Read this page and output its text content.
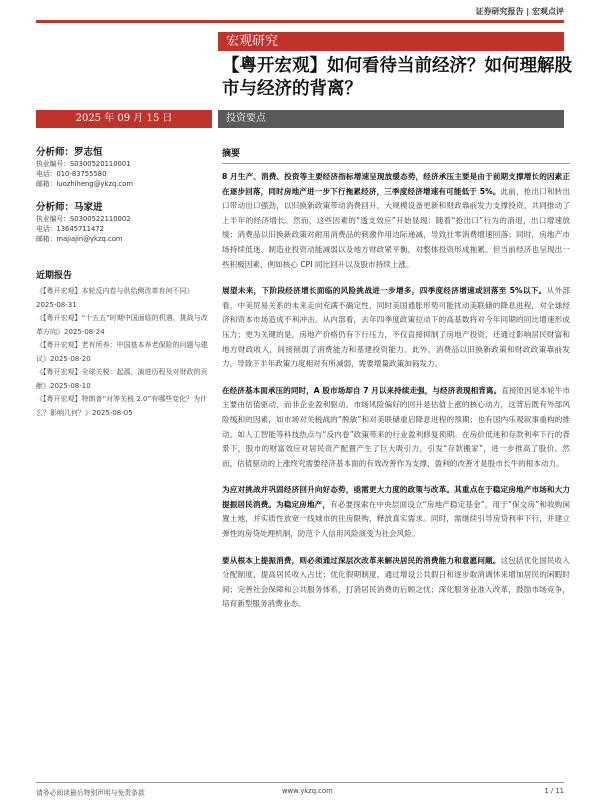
证券研究报告 | 宏观点评
宏观研究
【粤开宏观】如何看待当前经济？如何理解股市与经济的背离？
2025 年 09 月 15 日	投资要点
分析师：罗志恒
执业编号：S0300520110001
电话：010-83755580
邮箱：luozhiheng@ykzq.com
分析师：马家进
执业编号：S0300522110002
电话：13645711472
邮箱：majiajin@ykzq.com
近期报告
《【粤开宏观】本轮反内卷与供给侧改革有何不同》2025-08-31
《【粤开宏观】“十五五”时期中国面临的机遇、挑战与改革方向》2025-08-24
《【粤开宏观】老有所养：中国基本养老保险的问题与建议》2025-08-20
《【粤开宏观】全球关税：起源、演进历程及对财政的贡献》2025-08-10
《【粤开宏观】特朗普“对等关税 2.0”有哪些变化？为什么？影响几何？》2025-08-05
摘要

8 月生产、消费、投资等主要经济指标增速呈现放缓态势，经济承压主要是由于前期支撑增长的因素正在逐步回落，同时房地产进一步下行拖累经济，三季度经济增速有可能低于 5%。此前，抢出口和转出口带动出口强劲，以旧换新政策带动消费回升，大规模设备更新和财政靠前发力支撑投资，共同推动了上半年的经济增长。然而，这些因素的“透支效应”开始显现：随着“抢出口”行为的消退，出口增速放缓；消费品以旧换新政策对耐用消费品的刺激作用边际递减，导致社零消费增速回落；同时，房地产市场持续低迷、制造业投资动能减弱以及地方财政紧平衡，对整体投资形成拖累。但当前经济也呈现出一些积极因素，例如核心 CPI 同比回升以及股市持续上涨。

展望未来，下阶段经济增长面临的风险挑战进一步增多，四季度经济增速或回落至 5%以下。从外部看，中美贸易关系的未来走向充满不确定性，同时美国通胀形势可能扰动美联储的降息进程，对全球经济和资本市场造成不利冲击。从内部看，去年四季度政策拉动下的高基数将对今年同期的同比增速形成压力；更为关键的是，房地产价格仍有下行压力，不仅直接抑制了房地产投资，还通过影响居民财富和地方财政收入，间接削弱了消费能力和基建投资能力。此外，消费品以旧换新政策和财政政策靠前发力，导致下半年政策力度相对有所减弱，需要增量政策加码发力。

在经济基本面承压的同时，A 股市场却自 7 月以来持续走强，与经济表现相背离。直接原因是本轮牛市主要由估值驱动，而非企业盈利驱动。市场风险偏好的回升是估值上涨的核心动力，这背后既有外部风险缓和的因素，如市场对关税战的“脱敏”和对美联储重启降息进程的预期；也有国内乐观叙事重构的推动，如人工智能等科技热点与“反内卷”政策带来的行业盈利修复预期。在房价低迷和存款利率下行的背景下，股市的财富效应对居民资产配置产生了巨大吸引力，引发“存款搬家”，进一步推高了股价。然而，估值驱动的上涨终究需要经济基本面的有效改善作为支撑，盈利的改善才是股市长牛的根本动力。

为应对挑战并巩固经济回升向好态势，亟需更大力度的政策与改革。其重点在于稳定房地产市场和大力提振居民消费。为稳定房地产，有必要探索在中央层面设立“房地产稳定基金”，用于“保交房”和收购闲置土地，并实质性放宽一线城市的住房限购，释放真实需求。同时，需继续引导房贷利率下行，并建立弹性的房贷处理机制，防范个人信用风险演变为社会风险。

要从根本上提振消费，则必须通过深层次改革来解决居民的消费能力和意愿问题。这包括优化国民收入分配制度，提高居民收入占比；优化假期制度，通过增设公共假日和逐步取消调休来增加居民的闲暇时间；完善社会保障和公共服务体系，打消居民消费的后顾之忧；深化服务业准入改革，鼓励市场竞争，培育新型服务消费业态。

请务必阅读最后特别声明与免责条款	www.ykzq.com	1 / 11
